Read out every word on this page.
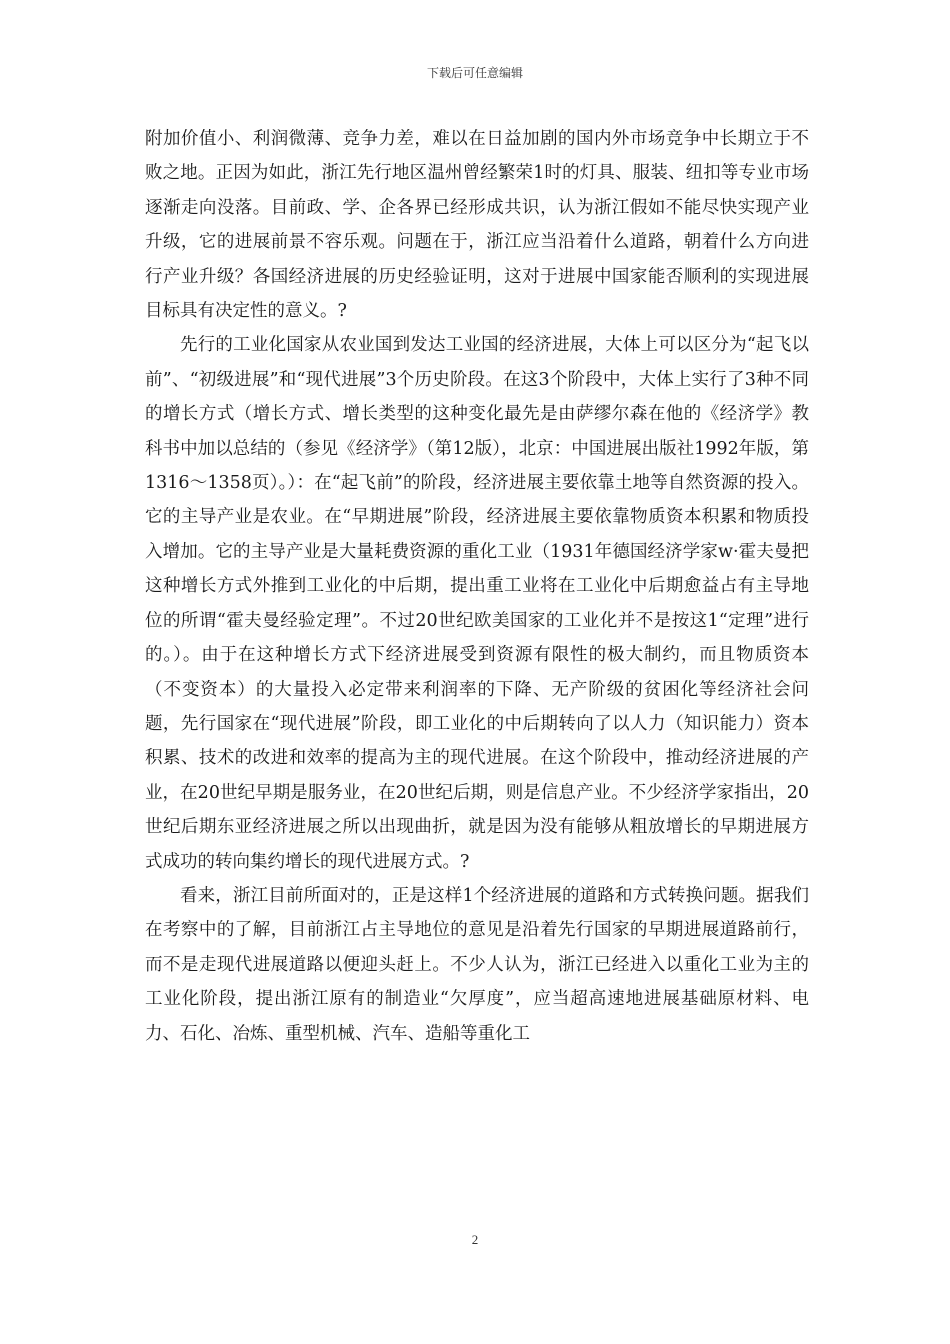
下载后可任意编辑

附加价值小、利润微薄、竞争力差，难以在日益加剧的国内外市场竞争中长期立于不败之地。正因为如此，浙江先行地区温州曾经繁荣1时的灯具、服装、纽扣等专业市场逐渐走向没落。目前政、学、企各界已经形成共识，认为浙江假如不能尽快实现产业升级，它的进展前景不容乐观。问题在于，浙江应当沿着什么道路，朝着什么方向进行产业升级？各国经济进展的历史经验证明，这对于进展中国家能否顺利的实现进展目标具有决定性的意义。?

先行的工业化国家从农业国到发达工业国的经济进展，大体上可以区分为“起飞以前”、“初级进展”和“现代进展”3个历史阶段。在这3个阶段中，大体上实行了3种不同的增长方式（增长方式、增长类型的这种变化最先是由萨缪尔森在他的《经济学》教科书中加以总结的（参见《经济学》（第12版），北京：中国进展出版社1992年版，第1316～1358页）。）：在“起飞前”的阶段，经济进展主要依靠土地等自然资源的投入。它的主导产业是农业。在“早期进展”阶段，经济进展主要依靠物质资本积累和物质投入增加。它的主导产业是大量耗费资源的重化工业（1931年德国经济学家w·霍夫曼把这种增长方式外推到工业化的中后期，提出重工业将在工业化中后期愈益占有主导地位的所谓“霍夫曼经验定理”。不过20世纪欧美国家的工业化并不是按这1“定理”进行的。）。由于在这种增长方式下经济进展受到资源有限性的极大制约，而且物质资本（不变资本）的大量投入必定带来利润率的下降、无产阶级的贫困化等经济社会问题，先行国家在“现代进展”阶段，即工业化的中后期转向了以人力（知识能力）资本积累、技术的改进和效率的提高为主的现代进展。在这个阶段中，推动经济进展的产业，在20世纪早期是服务业，在20世纪后期，则是信息产业。不少经济学家指出，20世纪后期东亚经济进展之所以出现曲折，就是因为没有能够从粗放增长的早期进展方式成功的转向集约增长的现代进展方式。?

看来，浙江目前所面对的，正是这样1个经济进展的道路和方式转换问题。据我们在考察中的了解，目前浙江占主导地位的意见是沿着先行国家的早期进展道路前行，而不是走现代进展道路以便迎头赶上。不少人认为，浙江已经进入以重化工业为主的工业化阶段，提出浙江原有的制造业“欠厚度”，应当超高速地进展基础原材料、电力、石化、冶炼、重型机械、汽车、造船等重化工

2
